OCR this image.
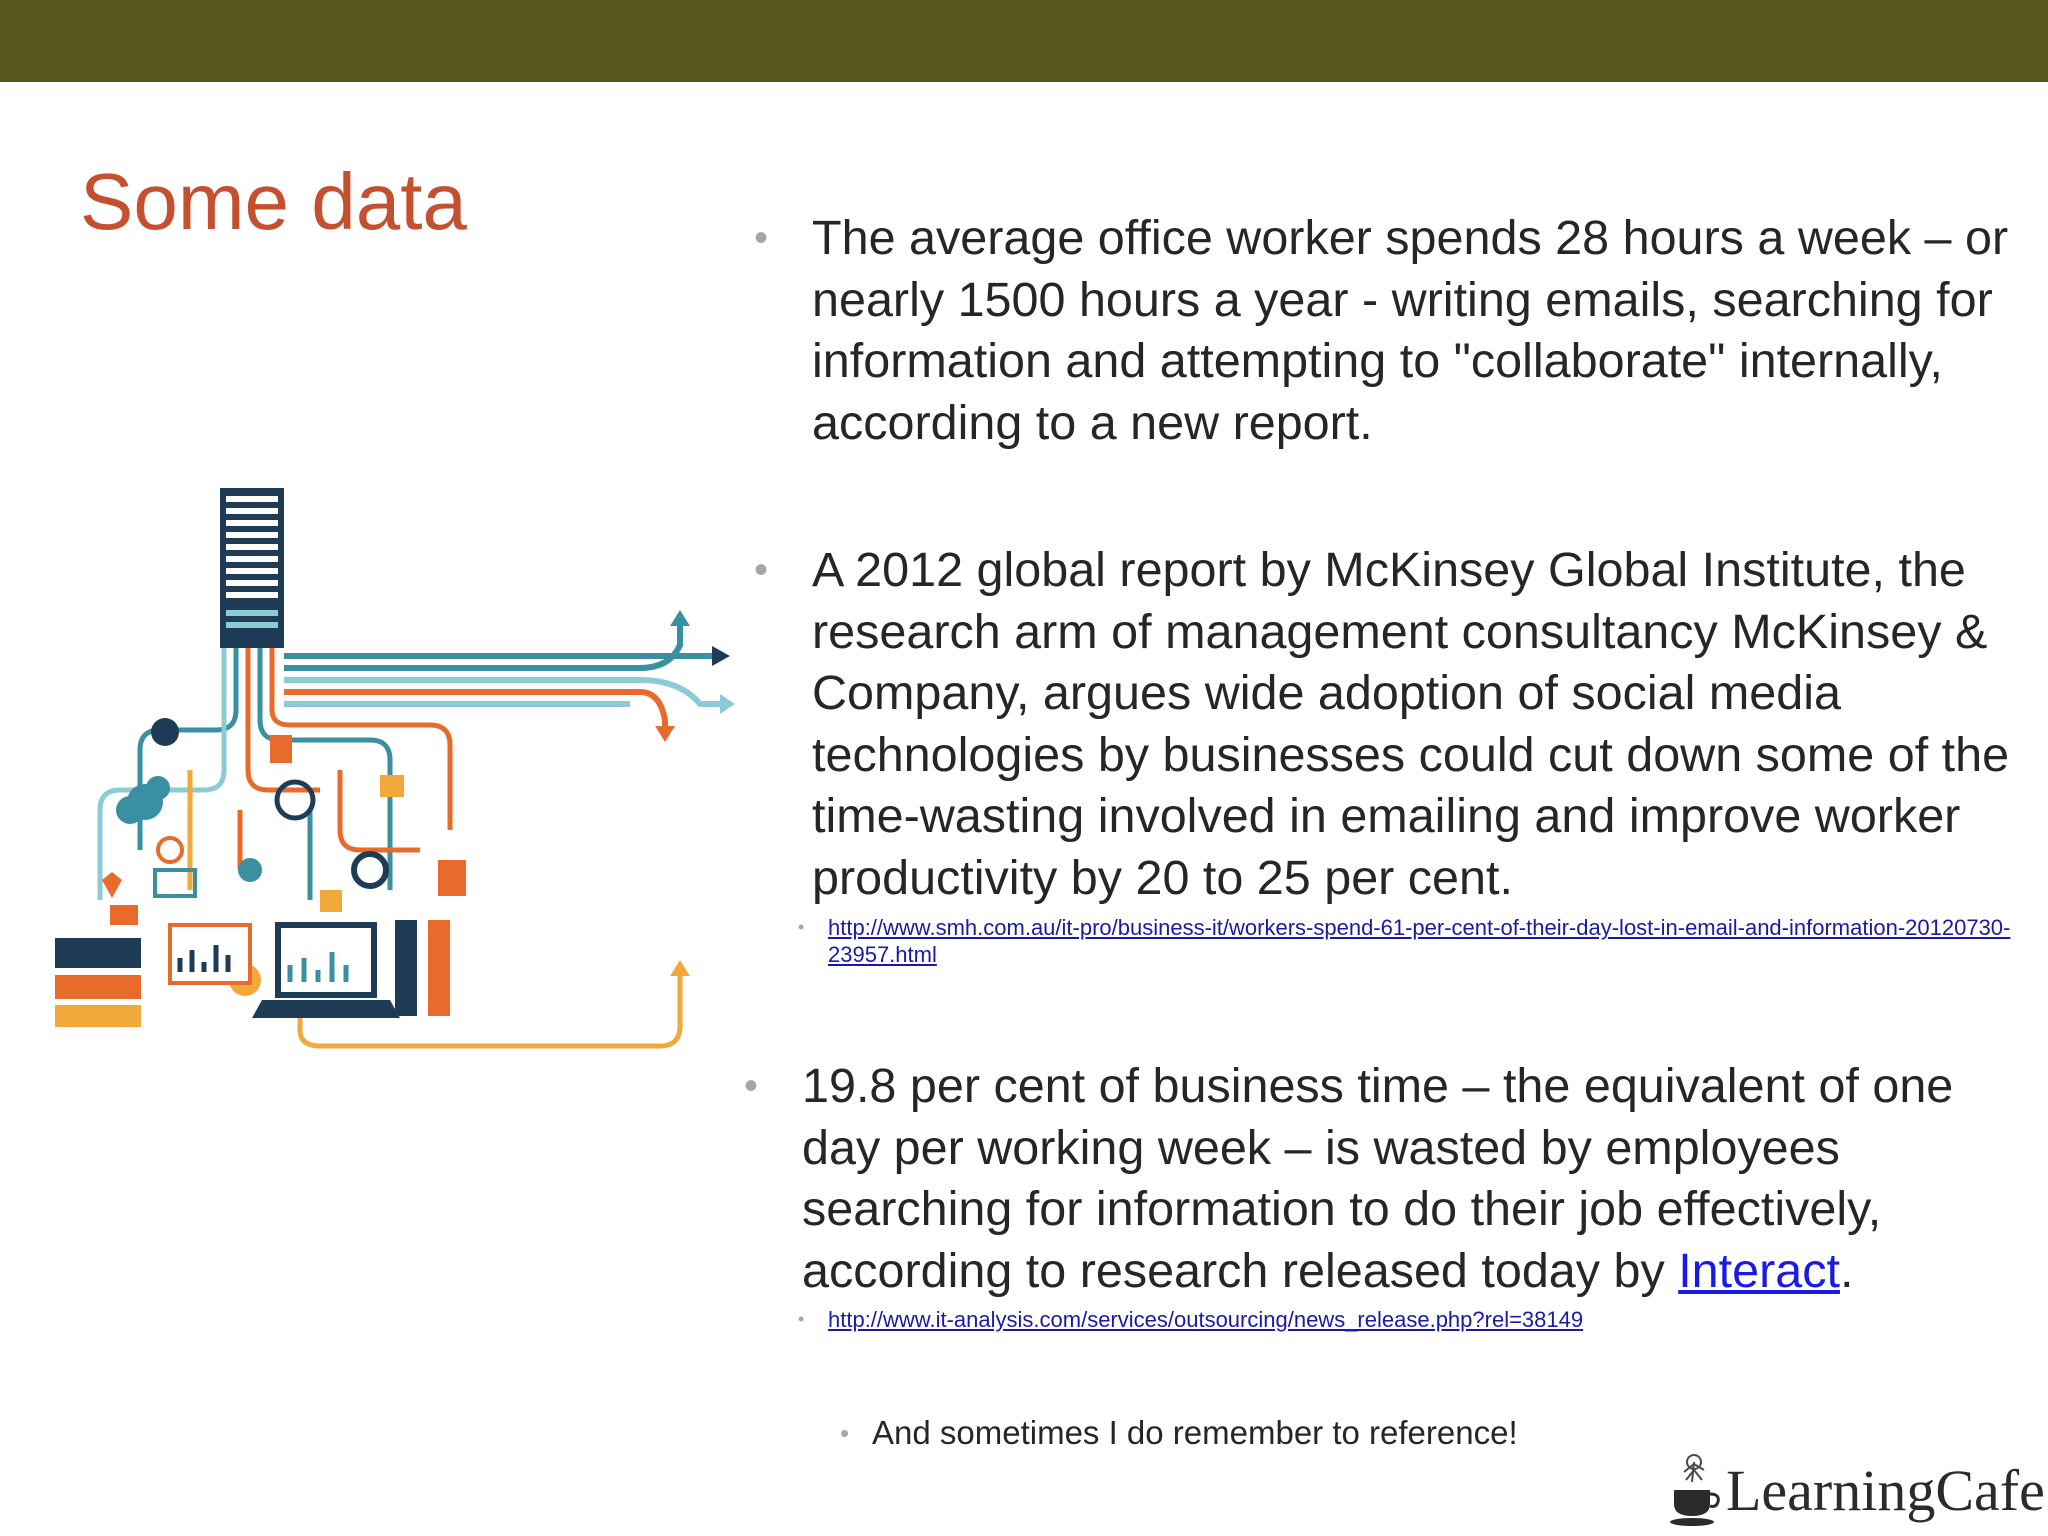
Some data	• The average office worker spends 28 hours a week – or nearly 1500 hours a year - writing emails, searching for information and attempting to "collaborate" internally, according to a new report.
• A 2012 global report by McKinsey Global Institute, the research arm of management consultancy McKinsey & Company, argues wide adoption of social media technologies by businesses could cut down some of the time-wasting involved in emailing and improve worker productivity by 20 to 25 per cent.
• http://www.smh.com.au/it-pro/business-it/workers-spend-61-per-cent-of-their-day-lost-in-email-and-information-20120730-23957.html
• 19.8 per cent of business time – the equivalent of one day per working week – is wasted by employees searching for information to do their job effectively, according to research released today by Interact.
• http://www.it-analysis.com/services/outsourcing/news_release.php?rel=38149
• And sometimes I do remember to reference!
LearningCafe
